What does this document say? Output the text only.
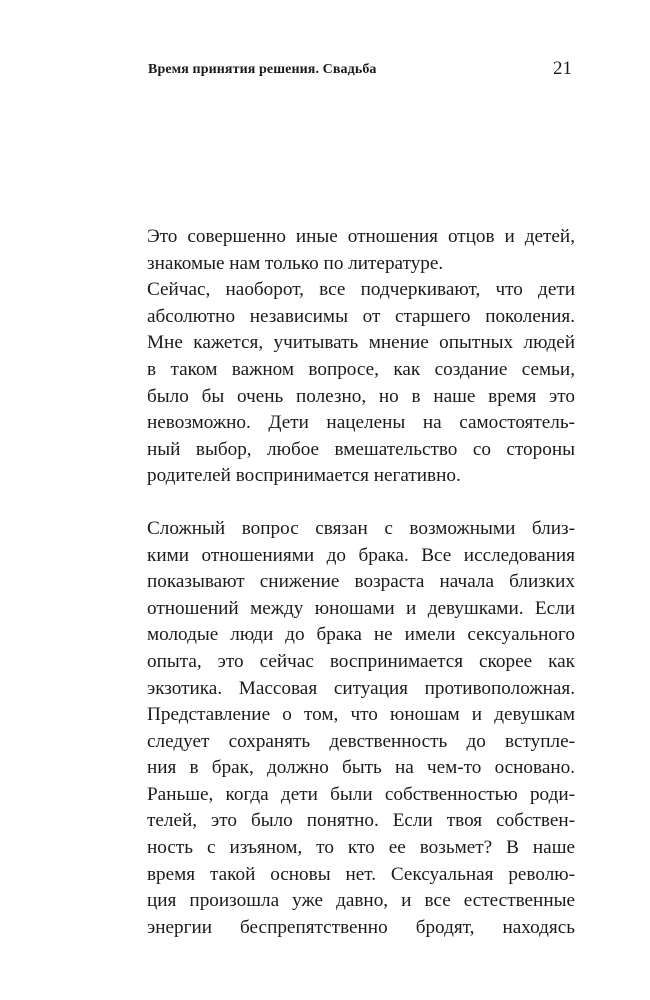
Время принятия решения. Свадьба	21
Это совершенно иные отношения отцов и детей,
знакомые нам только по литературе.
Сейчас, наоборот, все подчеркивают, что дети
абсолютно независимы от старшего поколения.
Мне кажется, учитывать мнение опытных людей
в таком важном вопросе, как создание семьи,
было бы очень полезно, но в наше время это
невозможно. Дети нацелены на самостоятель-
ный выбор, любое вмешательство со стороны
родителей воспринимается негативно.
Сложный вопрос связан с возможными близ-
кими отношениями до брака. Все исследования
показывают снижение возраста начала близких
отношений между юношами и девушками. Если
молодые люди до брака не имели сексуального
опыта, это сейчас воспринимается скорее как
экзотика. Массовая ситуация противоположная.
Представление о том, что юношам и девушкам
следует сохранять девственность до вступле-
ния в брак, должно быть на чем-то основано.
Раньше, когда дети были собственностью роди-
телей, это было понятно. Если твоя собствен-
ность с изъяном, то кто ее возьмет? В наше
время такой основы нет. Сексуальная револю-
ция произошла уже давно, и все естественные
энергии беспрепятственно бродят, находясь
